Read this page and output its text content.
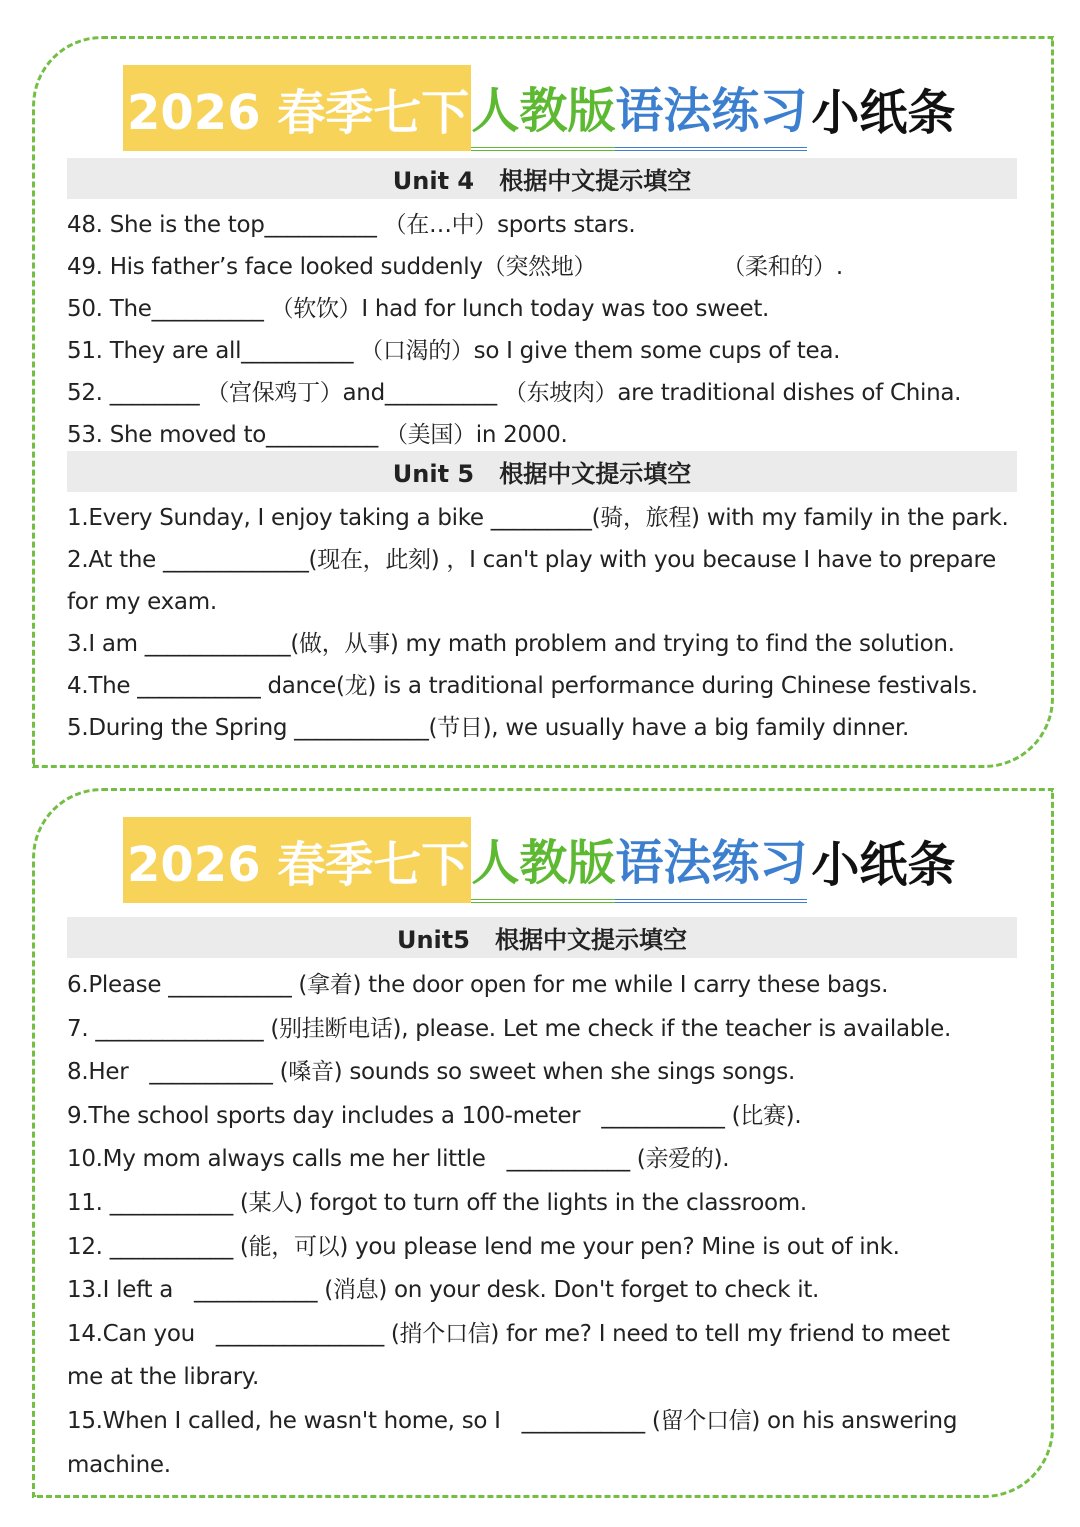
2026 春季七下 人教版 语法练习 小纸条
Unit 4   根据中文提示填空
48. She is the top__________ （在…中）sports stars.
49. His father’s face looked suddenly（突然地）                  （柔和的）.
50. The__________ （软饮）I had for lunch today was too sweet.
51. They are all__________ （口渴的）so I give them some cups of tea.
52. ________ （宫保鸡丁）and__________ （东坡肉）are traditional dishes of China.
53. She moved to__________ （美国）in 2000.
Unit 5   根据中文提示填空
1.Every Sunday, I enjoy taking a bike _________(骑，旅程) with my family in the park.
2.At the _____________(现在，此刻) ，I can't play with you because I have to prepare
for my exam.
3.I am _____________(做，从事) my math problem and trying to find the solution.
4.The ___________ dance(龙) is a traditional performance during Chinese festivals.
5.During the Spring ____________(节日), we usually have a big family dinner.
2026 春季七下 人教版 语法练习 小纸条
Unit5   根据中文提示填空
6.Please ___________ (拿着) the door open for me while I carry these bags.
7. _______________ (别挂断电话), please. Let me check if the teacher is available.
8.Her   ___________ (嗓音) sounds so sweet when she sings songs.
9.The school sports day includes a 100-meter   ___________ (比赛).
10.My mom always calls me her little   ___________ (亲爱的).
11. ___________ (某人) forgot to turn off the lights in the classroom.
12. ___________ (能，可以) you please lend me your pen? Mine is out of ink.
13.I left a   ___________ (消息) on your desk. Don't forget to check it.
14.Can you   _______________ (捎个口信) for me? I need to tell my friend to meet
me at the library.
15.When I called, he wasn't home, so I   ___________ (留个口信) on his answering
machine.
